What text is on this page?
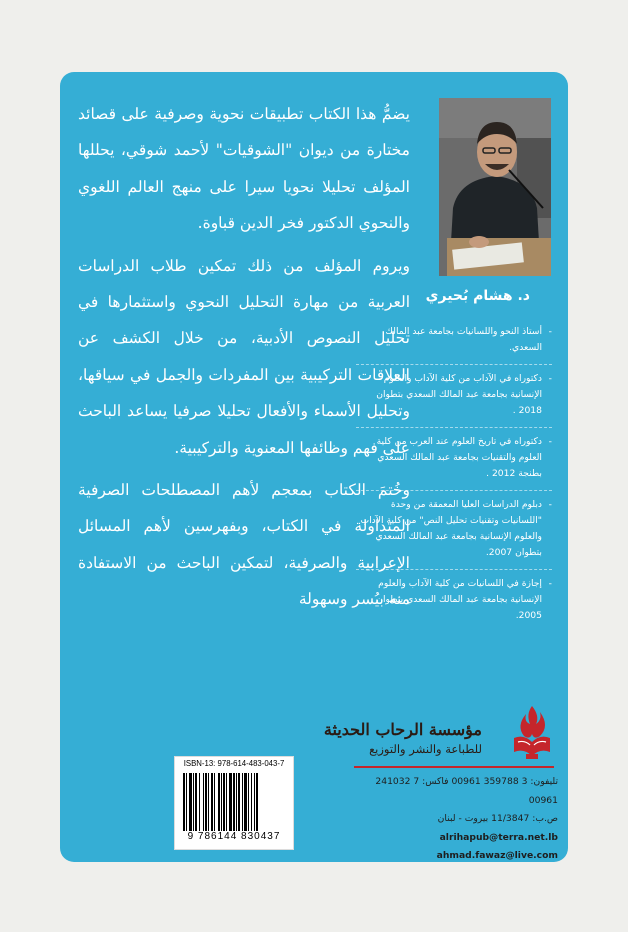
يضمُّ هذا الكتاب تطبيقات نحوية وصرفية على قصائد مختارة من ديوان "الشوقيات" لأحمد شوقي، يحللها المؤلف تحليلا نحويا سيرا على منهج العالم اللغوي والنحوي الدكتور فخر الدين قباوة.

ويروم المؤلف من ذلك تمكين طلاب الدراسات العربية من مهارة التحليل النحوي واستثمارها في تحليل النصوص الأدبية، من خلال الكشف عن العلاقات التركيبية بين المفردات والجمل في سياقها، وتحليل الأسماء والأفعال تحليلا صرفيا يساعد الباحث على فهم وظائفها المعنوية والتركيبية.

وخُتمَ الكتاب بمعجم لأهم المصطلحات الصرفية المتداولة في الكتاب، وبفهرسين لأهم المسائل الإعرابية والصرفية، لتمكين الباحث من الاستفادة منه بيُسر وسهولة

د. هشام بُحيري
- أستاذ النحو واللسانيات بجامعة عبد المالك السعدي.
- دكتوراه في الآداب من كلية الآداب والعلوم الإنسانية بجامعة عبد المالك السعدي بتطوان 2018 .
- دكتوراه في تاريخ العلوم عند العرب من كلية العلوم والتقنيات بجامعة عبد المالك السعدي بطنجة 2012 .
- دبلوم الدراسات العليا المعمقة من وحدة "اللسانيات وتقنيات تحليل النص" من كلية الآداب والعلوم الإنسانية بجامعة عبد المالك السعدي بتطوان 2007.
- إجازة في اللسانيات من كلية الآداب والعلوم الإنسانية بجامعة عبد المالك السعدي بتطوان 2005.
مؤسسة الرحاب الحديثة
للطباعة والنشر والتوزيع
تليفون: 3 359788 00961 فاكس: 7 241032 00961
ص.ب: 11/3847 بيروت - لبنان
alrihapub@terra.net.lb
ahmad.fawaz@live.com
ISBN-13: 978-614-483-043-7
9 786144 830437
